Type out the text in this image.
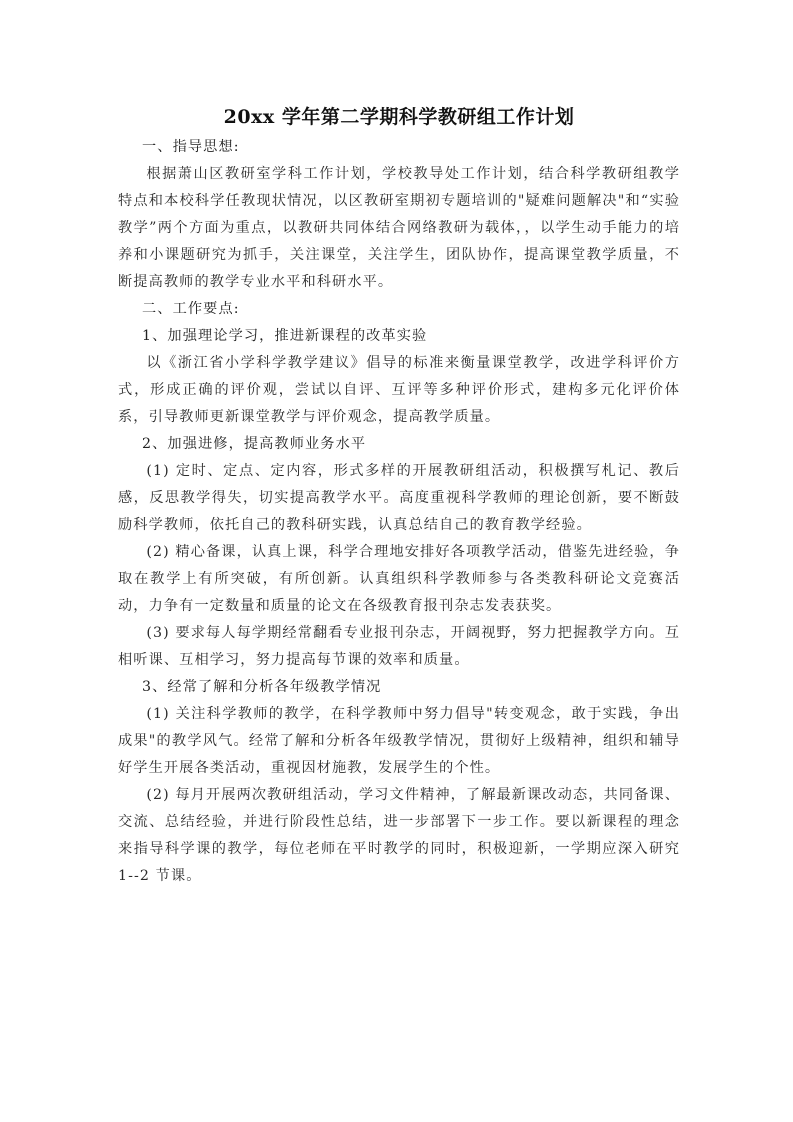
20xx 学年第二学期科学教研组工作计划

一、指导思想:

根据萧山区教研室学科工作计划，学校教导处工作计划，结合科学教研组教学特点和本校科学任教现状情况，以区教研室期初专题培训的"疑难问题解决"和“实验教学”两个方面为重点，以教研共同体结合网络教研为载体，，以学生动手能力的培养和小课题研究为抓手，关注课堂，关注学生，团队协作，提高课堂教学质量，不断提高教师的教学专业水平和科研水平。

二、工作要点:

1、加强理论学习，推进新课程的改革实验

以《浙江省小学科学教学建议》倡导的标准来衡量课堂教学，改进学科评价方式，形成正确的评价观，尝试以自评、互评等多种评价形式，建构多元化评价体系，引导教师更新课堂教学与评价观念，提高教学质量。

2、加强进修，提高教师业务水平

(1) 定时、定点、定内容，形式多样的开展教研组活动，积极撰写札记、教后感，反思教学得失，切实提高教学水平。高度重视科学教师的理论创新，要不断鼓励科学教师，依托自己的教科研实践，认真总结自己的教育教学经验。

(2) 精心备课，认真上课，科学合理地安排好各项教学活动，借鉴先进经验，争取在教学上有所突破，有所创新。认真组织科学教师参与各类教科研论文竞赛活动，力争有一定数量和质量的论文在各级教育报刊杂志发表获奖。

(3) 要求每人每学期经常翻看专业报刊杂志，开阔视野，努力把握教学方向。互相听课、互相学习，努力提高每节课的效率和质量。

3、经常了解和分析各年级教学情况

(1) 关注科学教师的教学，在科学教师中努力倡导"转变观念，敢于实践，争出成果"的教学风气。经常了解和分析各年级教学情况，贯彻好上级精神，组织和辅导好学生开展各类活动，重视因材施教，发展学生的个性。

(2) 每月开展两次教研组活动，学习文件精神，了解最新课改动态，共同备课、交流、总结经验，并进行阶段性总结，进一步部署下一步工作。要以新课程的理念来指导科学课的教学，每位老师在平时教学的同时，积极迎新，一学期应深入研究 1--2 节课。
